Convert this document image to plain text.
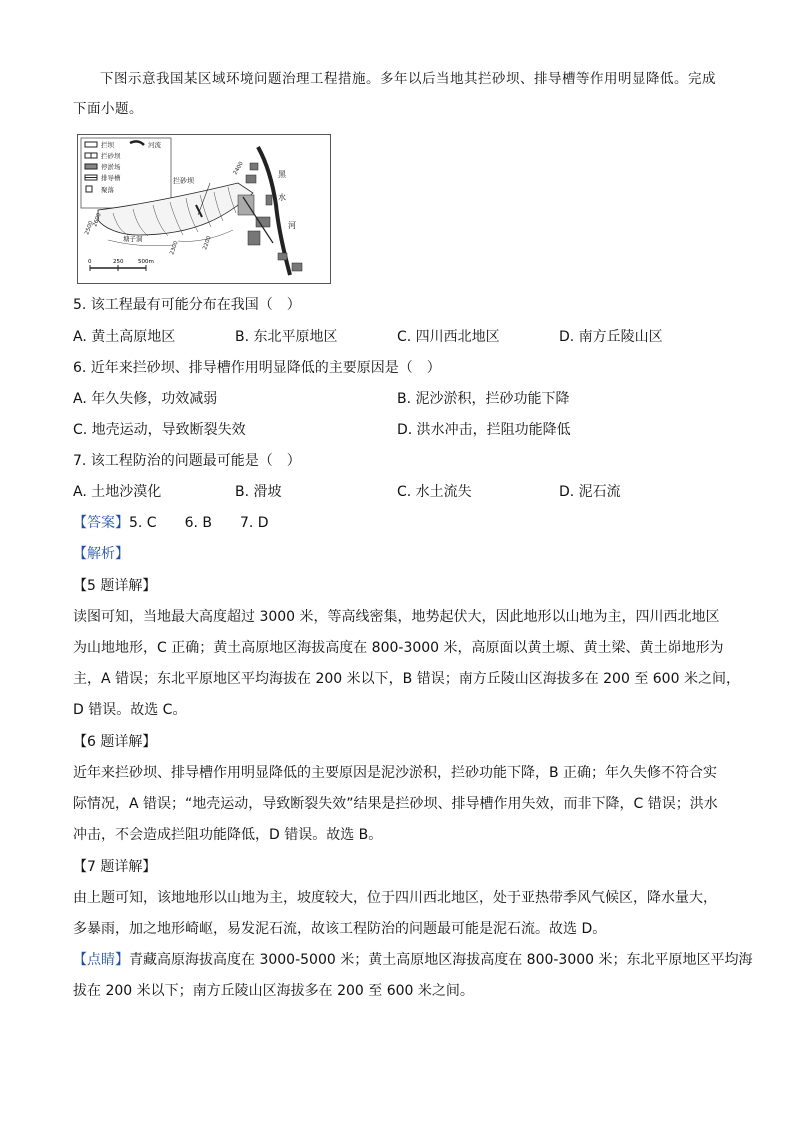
下图示意我国某区域环境问题治理工程措施。多年以后当地其拦砂坝、排导槽等作用明显降低。完成
下面小题。
拦坝
拦砂坝
停淤场
排导槽
聚落
河流
拦砂坝
黑
水
河
塘子洞
2500
2600
2400
2300	2200
0	250	500m
5. 该工程最有可能分布在我国（　）
A. 黄土高原地区	B. 东北平原地区	C. 四川西北地区	D. 南方丘陵山区
6. 近年来拦砂坝、排导槽作用明显降低的主要原因是（　）
A. 年久失修，功效减弱	B. 泥沙淤积，拦砂功能下降
C. 地壳运动，导致断裂失效	D. 洪水冲击，拦阻功能降低
7. 该工程防治的问题最可能是（　）
A. 土地沙漠化	B. 滑坡	C. 水土流失	D. 泥石流
【答案】5. C　　6. B　　7. D
【解析】
【5 题详解】
读图可知，当地最大高度超过 3000 米，等高线密集，地势起伏大，因此地形以山地为主，四川西北地区
为山地地形，C 正确；黄土高原地区海拔高度在 800-3000 米，高原面以黄土塬、黄土梁、黄土峁地形为
主，A 错误；东北平原地区平均海拔在 200 米以下，B 错误；南方丘陵山区海拔多在 200 至 600 米之间，
D 错误。故选 C。
【6 题详解】
近年来拦砂坝、排导槽作用明显降低的主要原因是泥沙淤积，拦砂功能下降，B 正确；年久失修不符合实
际情况，A 错误；“地壳运动，导致断裂失效”结果是拦砂坝、排导槽作用失效，而非下降，C 错误；洪水
冲击，不会造成拦阻功能降低，D 错误。故选 B。
【7 题详解】
由上题可知，该地地形以山地为主，坡度较大，位于四川西北地区，处于亚热带季风气候区，降水量大，
多暴雨，加之地形崎岖，易发泥石流，故该工程防治的问题最可能是泥石流。故选 D。
【点睛】青藏高原海拔高度在 3000-5000 米；黄土高原地区海拔高度在 800-3000 米；东北平原地区平均海
拔在 200 米以下；南方丘陵山区海拔多在 200 至 600 米之间。
